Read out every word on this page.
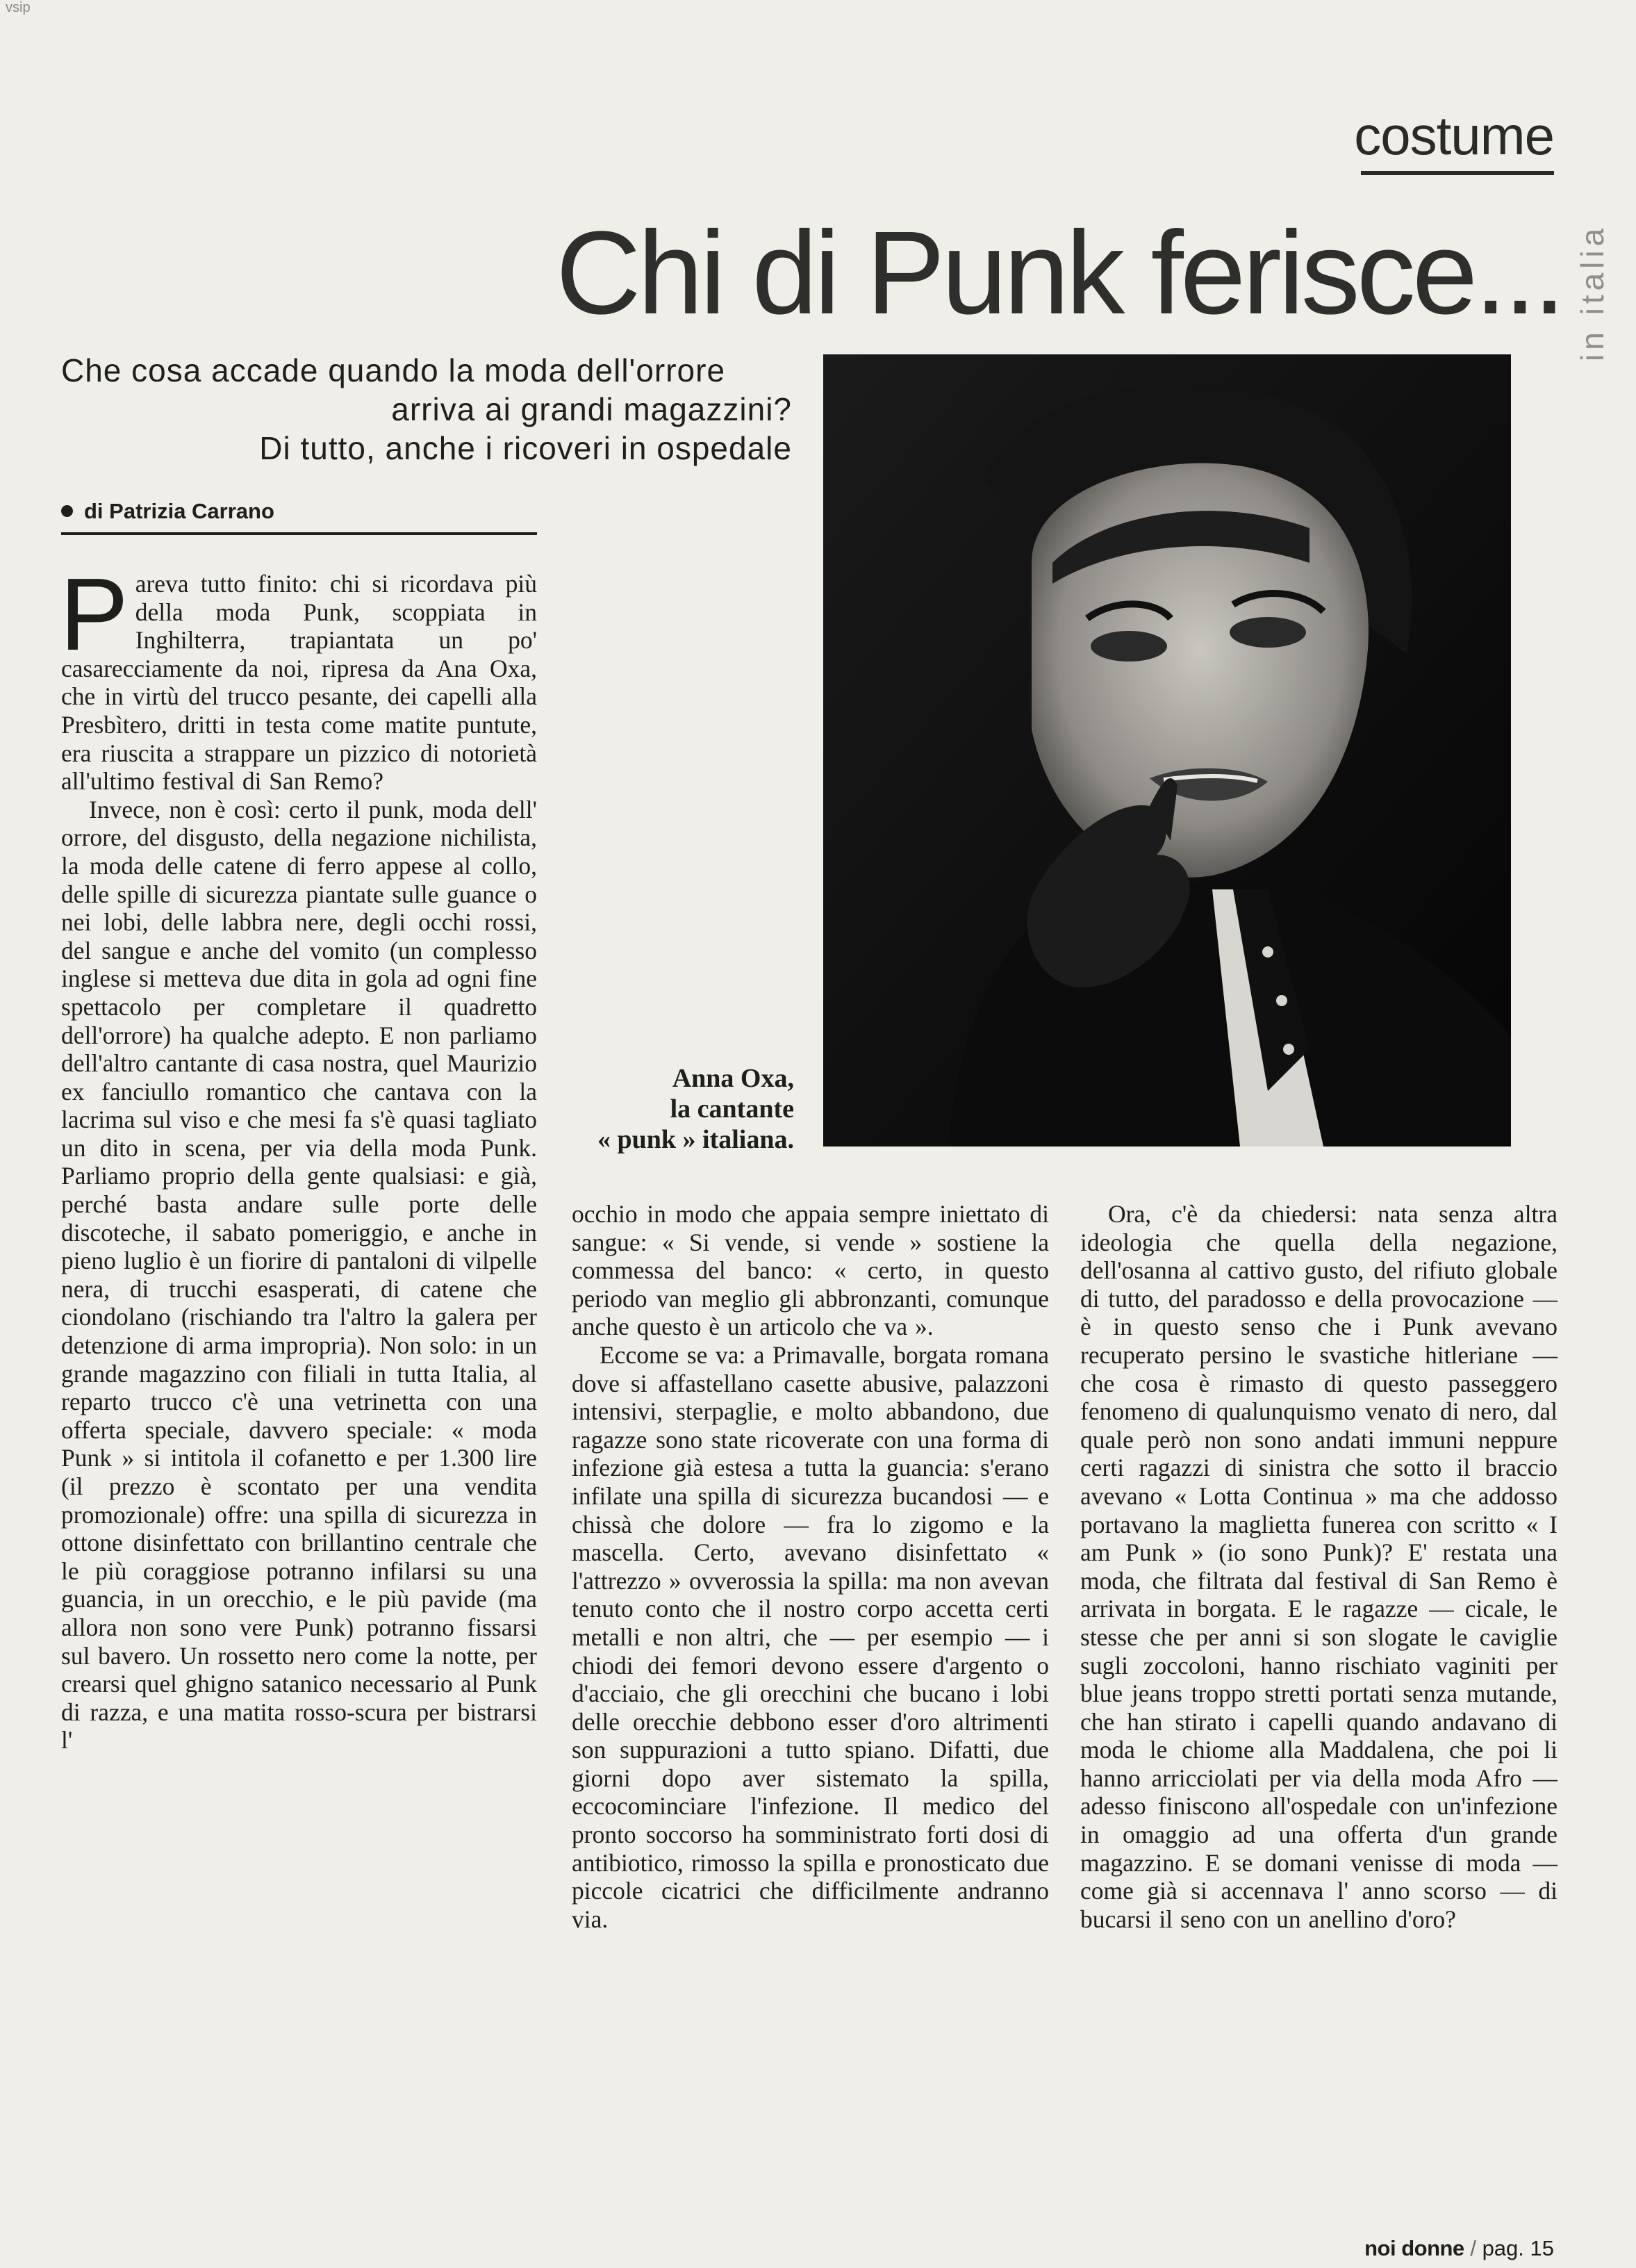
vsip
costume
Chi di Punk ferisce... in italia
Che cosa accade quando la moda dell'orrore
arriva ai grandi magazzini?
Di tutto, anche i ricoveri in ospedale
di Patrizia Carrano
Anna Oxa,
la cantante
« punk » italiana.

Pareva tutto finito: chi si ricordava più della moda Punk, scoppiata in Inghilterra, trapiantata un po' casarecciamente da noi, ripresa da Ana Oxa, che in virtù del trucco pesante, dei capelli alla Presbìtero, dritti in testa come matite puntute, era riuscita a strappare un pizzico di notorietà all'ultimo festival di San Remo?

Invece, non è così: certo il punk, moda dell' orrore, del disgusto, della negazione nichilista, la moda delle catene di ferro appese al collo, delle spille di sicurezza piantate sulle guance o nei lobi, delle labbra nere, degli occhi rossi, del sangue e anche del vomito (un complesso inglese si metteva due dita in gola ad ogni fine spettacolo per completare il quadretto dell'orrore) ha qualche adepto. E non parliamo dell'altro cantante di casa nostra, quel Maurizio ex fanciullo romantico che cantava con la lacrima sul viso e che mesi fa s'è quasi tagliato un dito in scena, per via della moda Punk. Parliamo proprio della gente qualsiasi: e già, perché basta andare sulle porte delle discoteche, il sabato pomeriggio, e anche in pieno luglio è un fiorire di pantaloni di vilpelle nera, di trucchi esasperati, di catene che ciondolano (rischiando tra l'altro la galera per detenzione di arma impropria). Non solo: in un grande magazzino con filiali in tutta Italia, al reparto trucco c'è una vetrinetta con una offerta speciale, davvero speciale: « moda Punk » si intitola il cofanetto e per 1.300 lire (il prezzo è scontato per una vendita promozionale) offre: una spilla di sicurezza in ottone disinfettato con brillantino centrale che le più coraggiose potranno infilarsi su una guancia, in un orecchio, e le più pavide (ma allora non sono vere Punk) potranno fissarsi sul bavero. Un rossetto nero come la notte, per crearsi quel ghigno satanico necessario al Punk di razza, e una matita rosso-scura per bistrarsi l'

occhio in modo che appaia sempre iniettato di sangue: « Si vende, si vende » sostiene la commessa del banco: « certo, in questo periodo van meglio gli abbronzanti, comunque anche questo è un articolo che va ».

Eccome se va: a Primavalle, borgata romana dove si affastellano casette abusive, palazzoni intensivi, sterpaglie, e molto abbandono, due ragazze sono state ricoverate con una forma di infezione già estesa a tutta la guancia: s'erano infilate una spilla di sicurezza bucandosi — e chissà che dolore — fra lo zigomo e la mascella. Certo, avevano disinfettato « l'attrezzo » ovverossia la spilla: ma non avevan tenuto conto che il nostro corpo accetta certi metalli e non altri, che — per esempio — i chiodi dei femori devono essere d'argento o d'acciaio, che gli orecchini che bucano i lobi delle orecchie debbono esser d'oro altrimenti son suppurazioni a tutto spiano. Difatti, due giorni dopo aver sistemato la spilla, eccocominciare l'infezione. Il medico del pronto soccorso ha somministrato forti dosi di antibiotico, rimosso la spilla e pronosticato due piccole cicatrici che difficilmente andranno via.

Ora, c'è da chiedersi: nata senza altra ideologia che quella della negazione, dell'osanna al cattivo gusto, del rifiuto globale di tutto, del paradosso e della provocazione — è in questo senso che i Punk avevano recuperato persino le svastiche hitleriane — che cosa è rimasto di questo passeggero fenomeno di qualunquismo venato di nero, dal quale però non sono andati immuni neppure certi ragazzi di sinistra che sotto il braccio avevano « Lotta Continua » ma che addosso portavano la maglietta funerea con scritto « I am Punk » (io sono Punk)? E' restata una moda, che filtrata dal festival di San Remo è arrivata in borgata. E le ragazze — cicale, le stesse che per anni si son slogate le caviglie sugli zoccoloni, hanno rischiato vaginiti per blue jeans troppo stretti portati senza mutande, che han stirato i capelli quando andavano di moda le chiome alla Maddalena, che poi li hanno arricciolati per via della moda Afro — adesso finiscono all'ospedale con un'infezione in omaggio ad una offerta d'un grande magazzino. E se domani venisse di moda — come già si accennava l' anno scorso — di bucarsi il seno con un anellino d'oro?

noi donne / pag. 15
